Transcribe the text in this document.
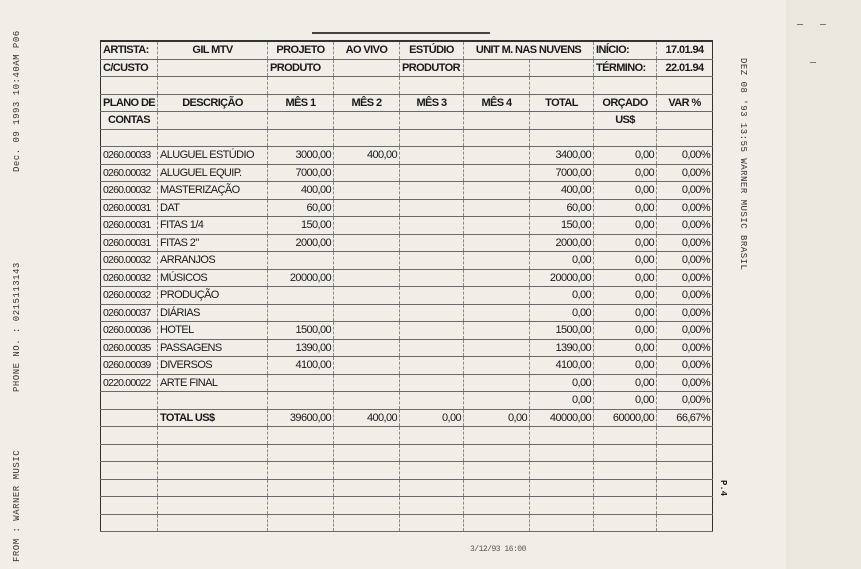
FROM : WARNER MUSIC
PHONE NO. : 0215113143
Dec. 09 1993 10:40AM P06	DEZ 08 '93 13:55 WARNER MUSIC BRASIL
P.4
ARTISTA:	GIL MTV	PROJETO	AO VIVO	ESTÚDIO	UNIT M. NAS NUVENS		INÍCIO:	17.01.94
C/CUSTO		PRODUTO		PRODUTOR			TÉRMINO:	22.01.94

PLANO DE	DESCRIÇÃO	MÊS 1	MÊS 2	MÊS 3	MÊS 4	TOTAL	ORÇADO	VAR %
CONTAS							US$	

0260.00033	ALUGUEL ESTÚDIO	3000,00	400,00			3400,00	0,00	0,00%
0260.00032	ALUGUEL EQUIP.	7000,00				7000,00	0,00	0,00%
0260.00032	MASTERIZAÇÃO	400,00				400,00	0,00	0,00%
0260.00031	DAT	60,00				60,00	0,00	0,00%
0260.00031	FITAS 1/4	150,00				150,00	0,00	0,00%
0260.00031	FITAS 2"	2000,00				2000,00	0,00	0,00%
0260.00032	ARRANJOS					0,00	0,00	0,00%
0260.00032	MÚSICOS	20000,00				20000,00	0,00	0,00%
0260.00032	PRODUÇÃO					0,00	0,00	0,00%
0260.00037	DIÁRIAS					0,00	0,00	0,00%
0260.00036	HOTEL	1500,00				1500,00	0,00	0,00%
0260.00035	PASSAGENS	1390,00				1390,00	0,00	0,00%
0260.00039	DIVERSOS	4100,00				4100,00	0,00	0,00%
0220.00022	ARTE FINAL					0,00	0,00	0,00%
						0,00	0,00	0,00%
	TOTAL US$	39600,00	400,00	0,00	0,00	40000,00	60000,00	66,67%

3/12/93 16:00
